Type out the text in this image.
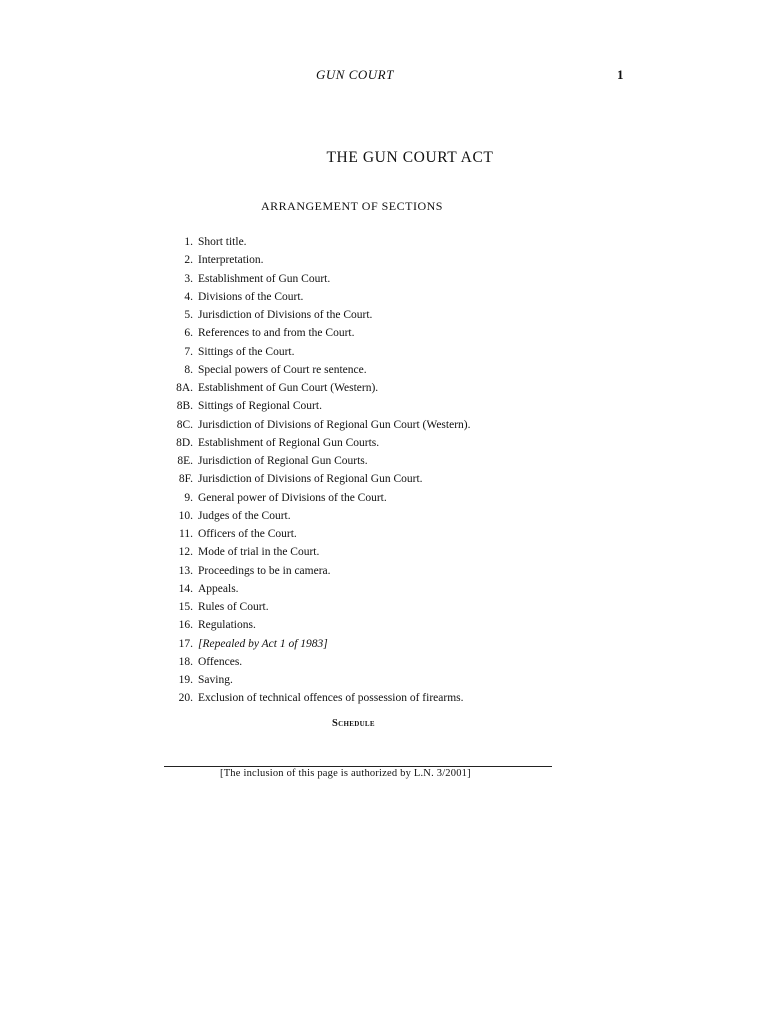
GUN COURT	1
THE GUN COURT ACT
ARRANGEMENT OF SECTIONS
1. Short title.
2. Interpretation.
3. Establishment of Gun Court.
4. Divisions of the Court.
5. Jurisdiction of Divisions of the Court.
6. References to and from the Court.
7. Sittings of the Court.
8. Special powers of Court re sentence.
8A. Establishment of Gun Court (Western).
8B. Sittings of Regional Court.
8C. Jurisdiction of Divisions of Regional Gun Court (Western).
8D. Establishment of Regional Gun Courts.
8E. Jurisdiction of Regional Gun Courts.
8F. Jurisdiction of Divisions of Regional Gun Court.
9. General power of Divisions of the Court.
10. Judges of the Court.
11. Officers of the Court.
12. Mode of trial in the Court.
13. Proceedings to be in camera.
14. Appeals.
15. Rules of Court.
16. Regulations.
17. [Repealed by Act 1 of 1983]
18. Offences.
19. Saving.
20. Exclusion of technical offences of possession of firearms.
Schedule
[The inclusion of this page is authorized by L.N. 3/2001]
